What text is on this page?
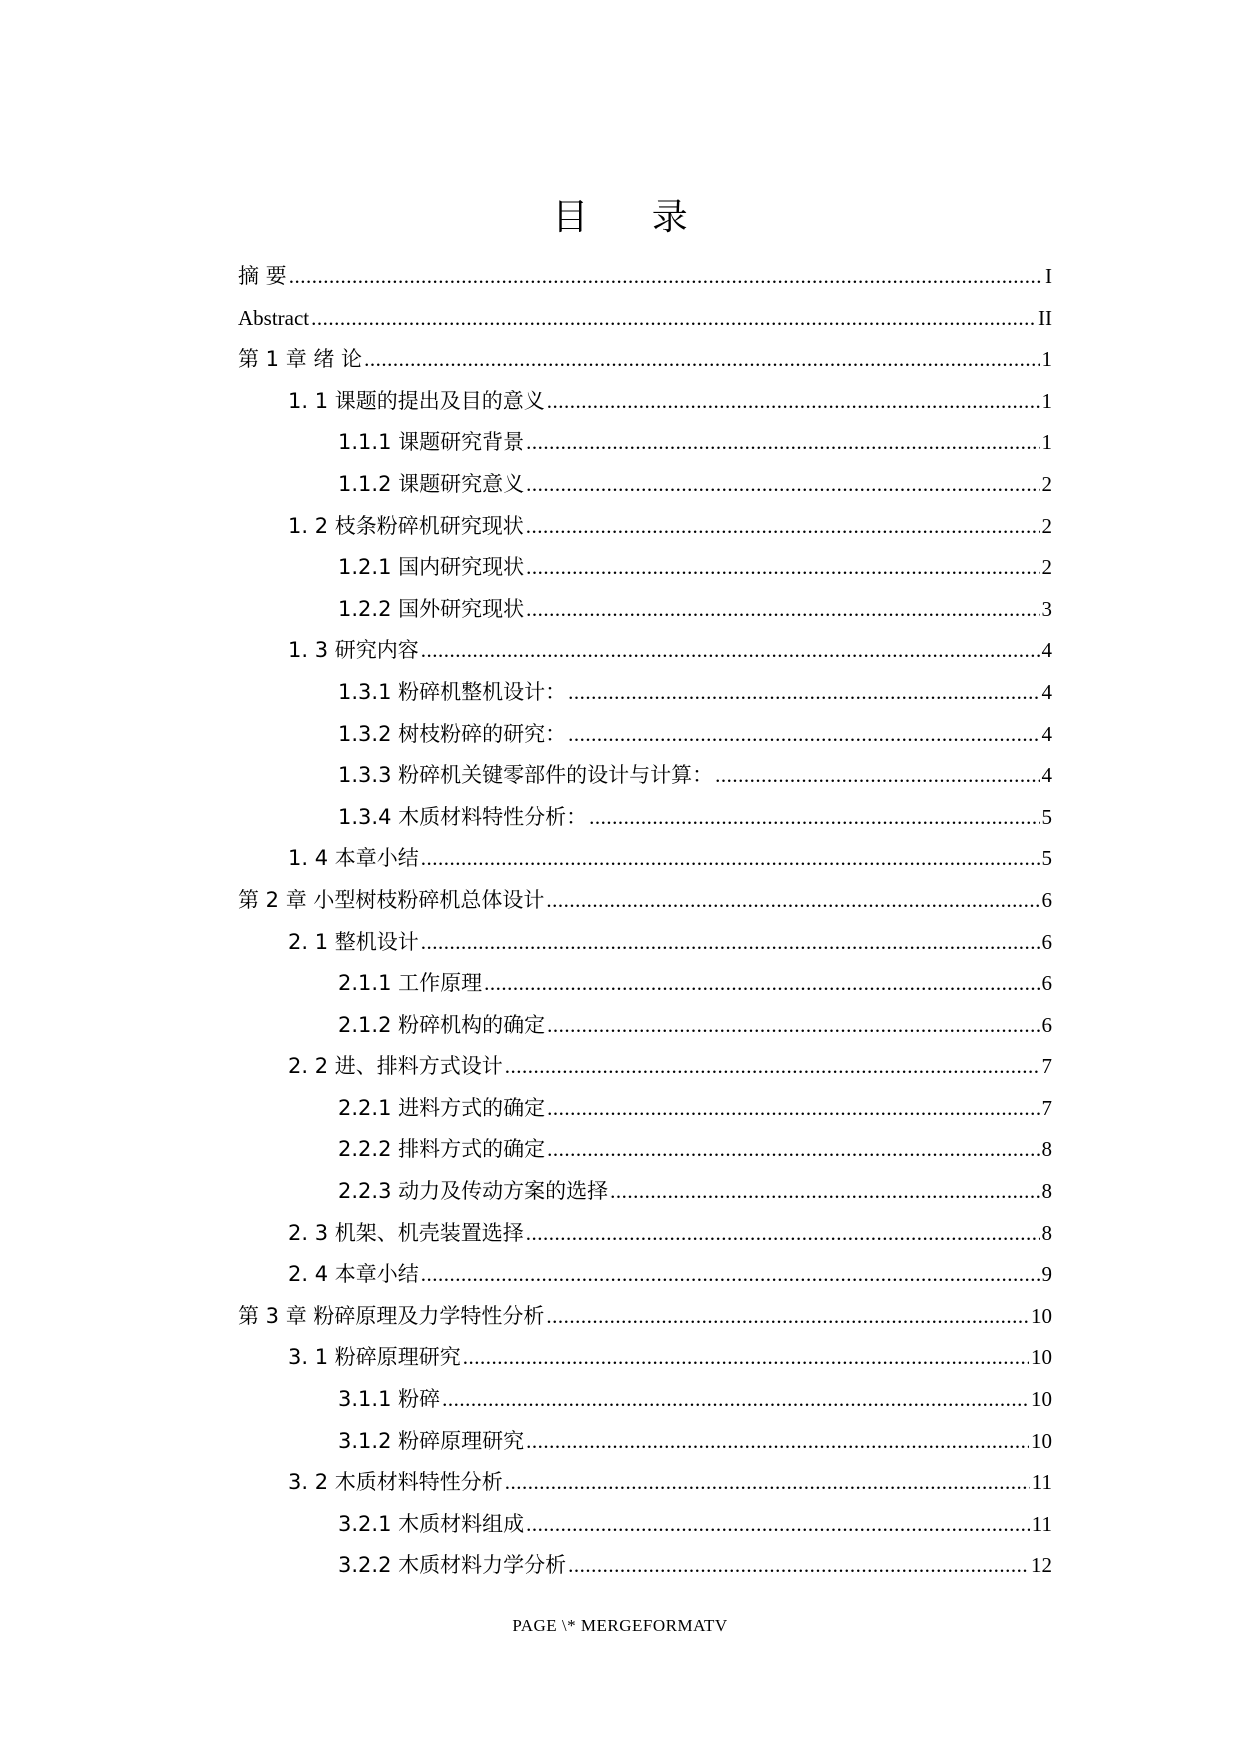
目 录
摘 要 .....	I
Abstract .....	II
第 1 章 绪 论 .....	1
1. 1 课题的提出及目的意义 .....	1
1.1.1 课题研究背景 .....	1
1.1.2 课题研究意义 .....	2
1. 2 枝条粉碎机研究现状 .....	2
1.2.1 国内研究现状 .....	2
1.2.2 国外研究现状 .....	3
1. 3 研究内容 .....	4
1.3.1 粉碎机整机设计： .....	4
1.3.2 树枝粉碎的研究： .....	4
1.3.3 粉碎机关键零部件的设计与计算： .....	4
1.3.4 木质材料特性分析： .....	5
1. 4 本章小结 .....	5
第 2 章 小型树枝粉碎机总体设计 .....	6
2. 1 整机设计 .....	6
2.1.1 工作原理 .....	6
2.1.2 粉碎机构的确定 .....	6
2. 2 进、排料方式设计 .....	7
2.2.1 进料方式的确定 .....	7
2.2.2 排料方式的确定 .....	8
2.2.3 动力及传动方案的选择 .....	8
2. 3 机架、机壳装置选择 .....	8
2. 4 本章小结 .....	9
第 3 章 粉碎原理及力学特性分析 .....	10
3. 1 粉碎原理研究 .....	10
3.1.1 粉碎 .....	10
3.1.2 粉碎原理研究 .....	10
3. 2 木质材料特性分析 .....	11
3.2.1 木质材料组成 .....	11
3.2.2 木质材料力学分析 .....	12
PAGE \* MERGEFORMATV
